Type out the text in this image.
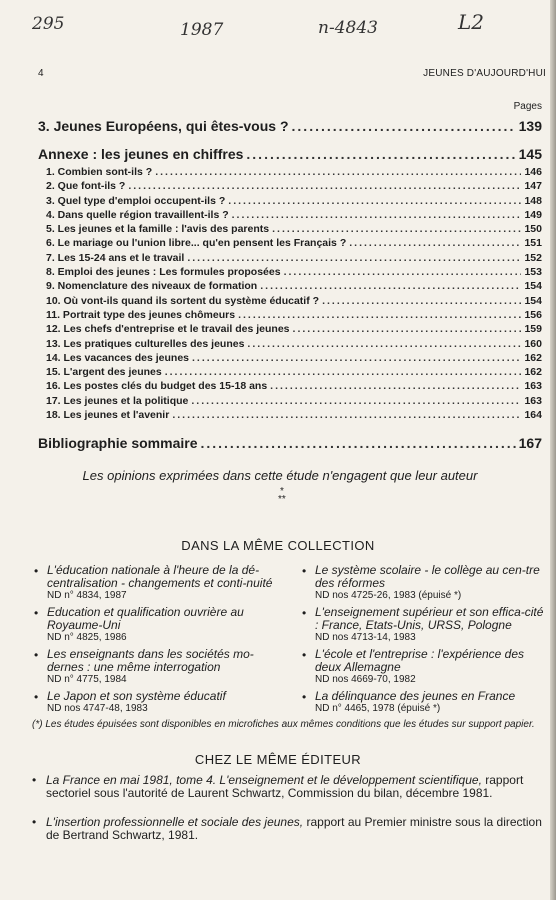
295	1987	n-4843	L2
4	JEUNES D'AUJOURD'HUI
Pages
3. Jeunes Européens, qui êtes-vous ? .....	139
Annexe : les jeunes en chiffres .....	145
1. Combien sont-ils ? .....	146
2. Que font-ils ? .....	147
3. Quel type d'emploi occupent-ils ? .....	148
4. Dans quelle région travaillent-ils ? .....	149
5. Les jeunes et la famille : l'avis des parents .....	150
6. Le mariage ou l'union libre... qu'en pensent les Français ? .....	151
7. Les 15-24 ans et le travail .....	152
8. Emploi des jeunes : Les formules proposées .....	153
9. Nomenclature des niveaux de formation .....	154
10. Où vont-ils quand ils sortent du système éducatif ? .....	154
11. Portrait type des jeunes chômeurs .....	156
12. Les chefs d'entreprise et le travail des jeunes .....	159
13. Les pratiques culturelles des jeunes .....	160
14. Les vacances des jeunes .....	162
15. L'argent des jeunes .....	162
16. Les postes clés du budget des 15-18 ans .....	163
17. Les jeunes et la politique .....	163
18. Les jeunes et l'avenir .....	164
Bibliographie sommaire .....	167
Les opinions exprimées dans cette étude n'engagent que leur auteur
*
**
DANS LA MÊME COLLECTION
• L'éducation nationale à l'heure de la dé-centralisation - changements et conti-nuité
ND n° 4834, 1987
• Education et qualification ouvrière au Royaume-Uni
ND n° 4825, 1986
• Les enseignants dans les sociétés mo-dernes : une même interrogation
ND n° 4775, 1984
• Le Japon et son système éducatif
ND nos 4747-48, 1983
• Le système scolaire - le collège au cen-tre des réformes
ND nos 4725-26, 1983 (épuisé *)
• L'enseignement supérieur et son effica-cité : France, Etats-Unis, URSS, Pologne
ND nos 4713-14, 1983
• L'école et l'entreprise : l'expérience des deux Allemagne
ND nos 4669-70, 1982
• La délinquance des jeunes en France
ND n° 4465, 1978 (épuisé *)
(*) Les études épuisées sont disponibles en microfiches aux mêmes conditions que les études sur support papier.
CHEZ LE MÊME ÉDITEUR
• La France en mai 1981, tome 4. L'enseignement et le développement scientifique, rapport sectoriel sous l'autorité de Laurent Schwartz, Commission du bilan, décembre 1981.
• L'insertion professionnelle et sociale des jeunes, rapport au Premier ministre sous la direction de Bertrand Schwartz, 1981.
